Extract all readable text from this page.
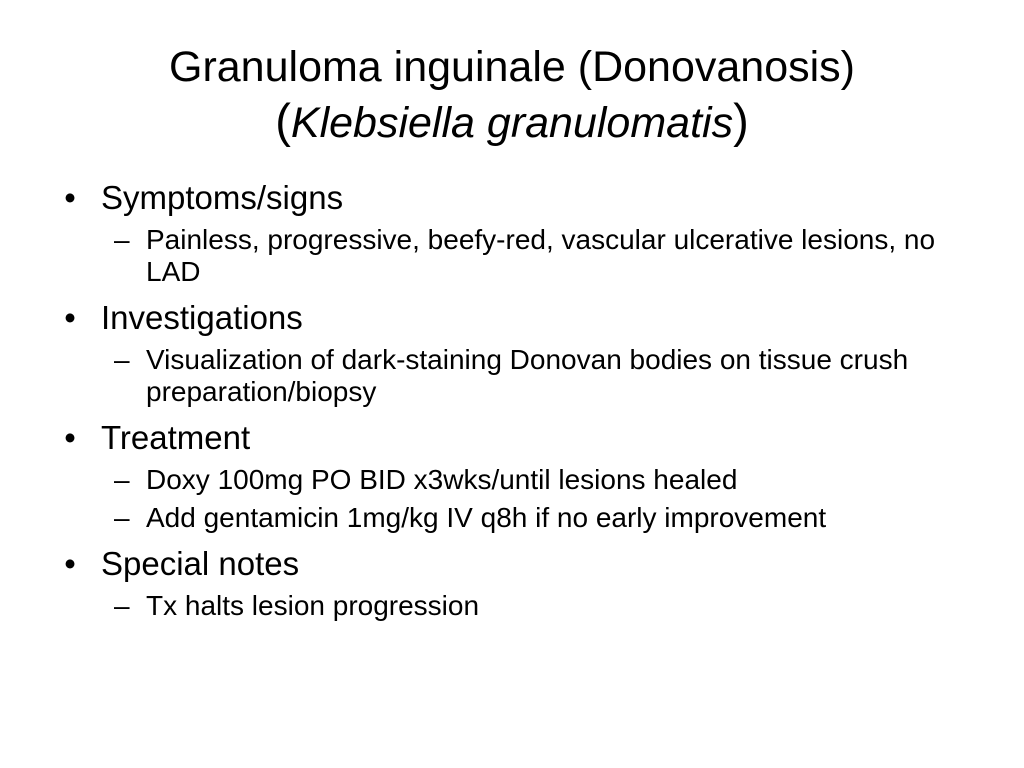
Granuloma inguinale (Donovanosis)
(Klebsiella granulomatis)
• Symptoms/signs
– Painless, progressive, beefy-red, vascular ulcerative lesions, no LAD
• Investigations
– Visualization of dark-staining Donovan bodies on tissue crush preparation/biopsy
• Treatment
– Doxy 100mg PO BID x3wks/until lesions healed
– Add gentamicin 1mg/kg IV q8h if no early improvement
• Special notes
– Tx halts lesion progression
